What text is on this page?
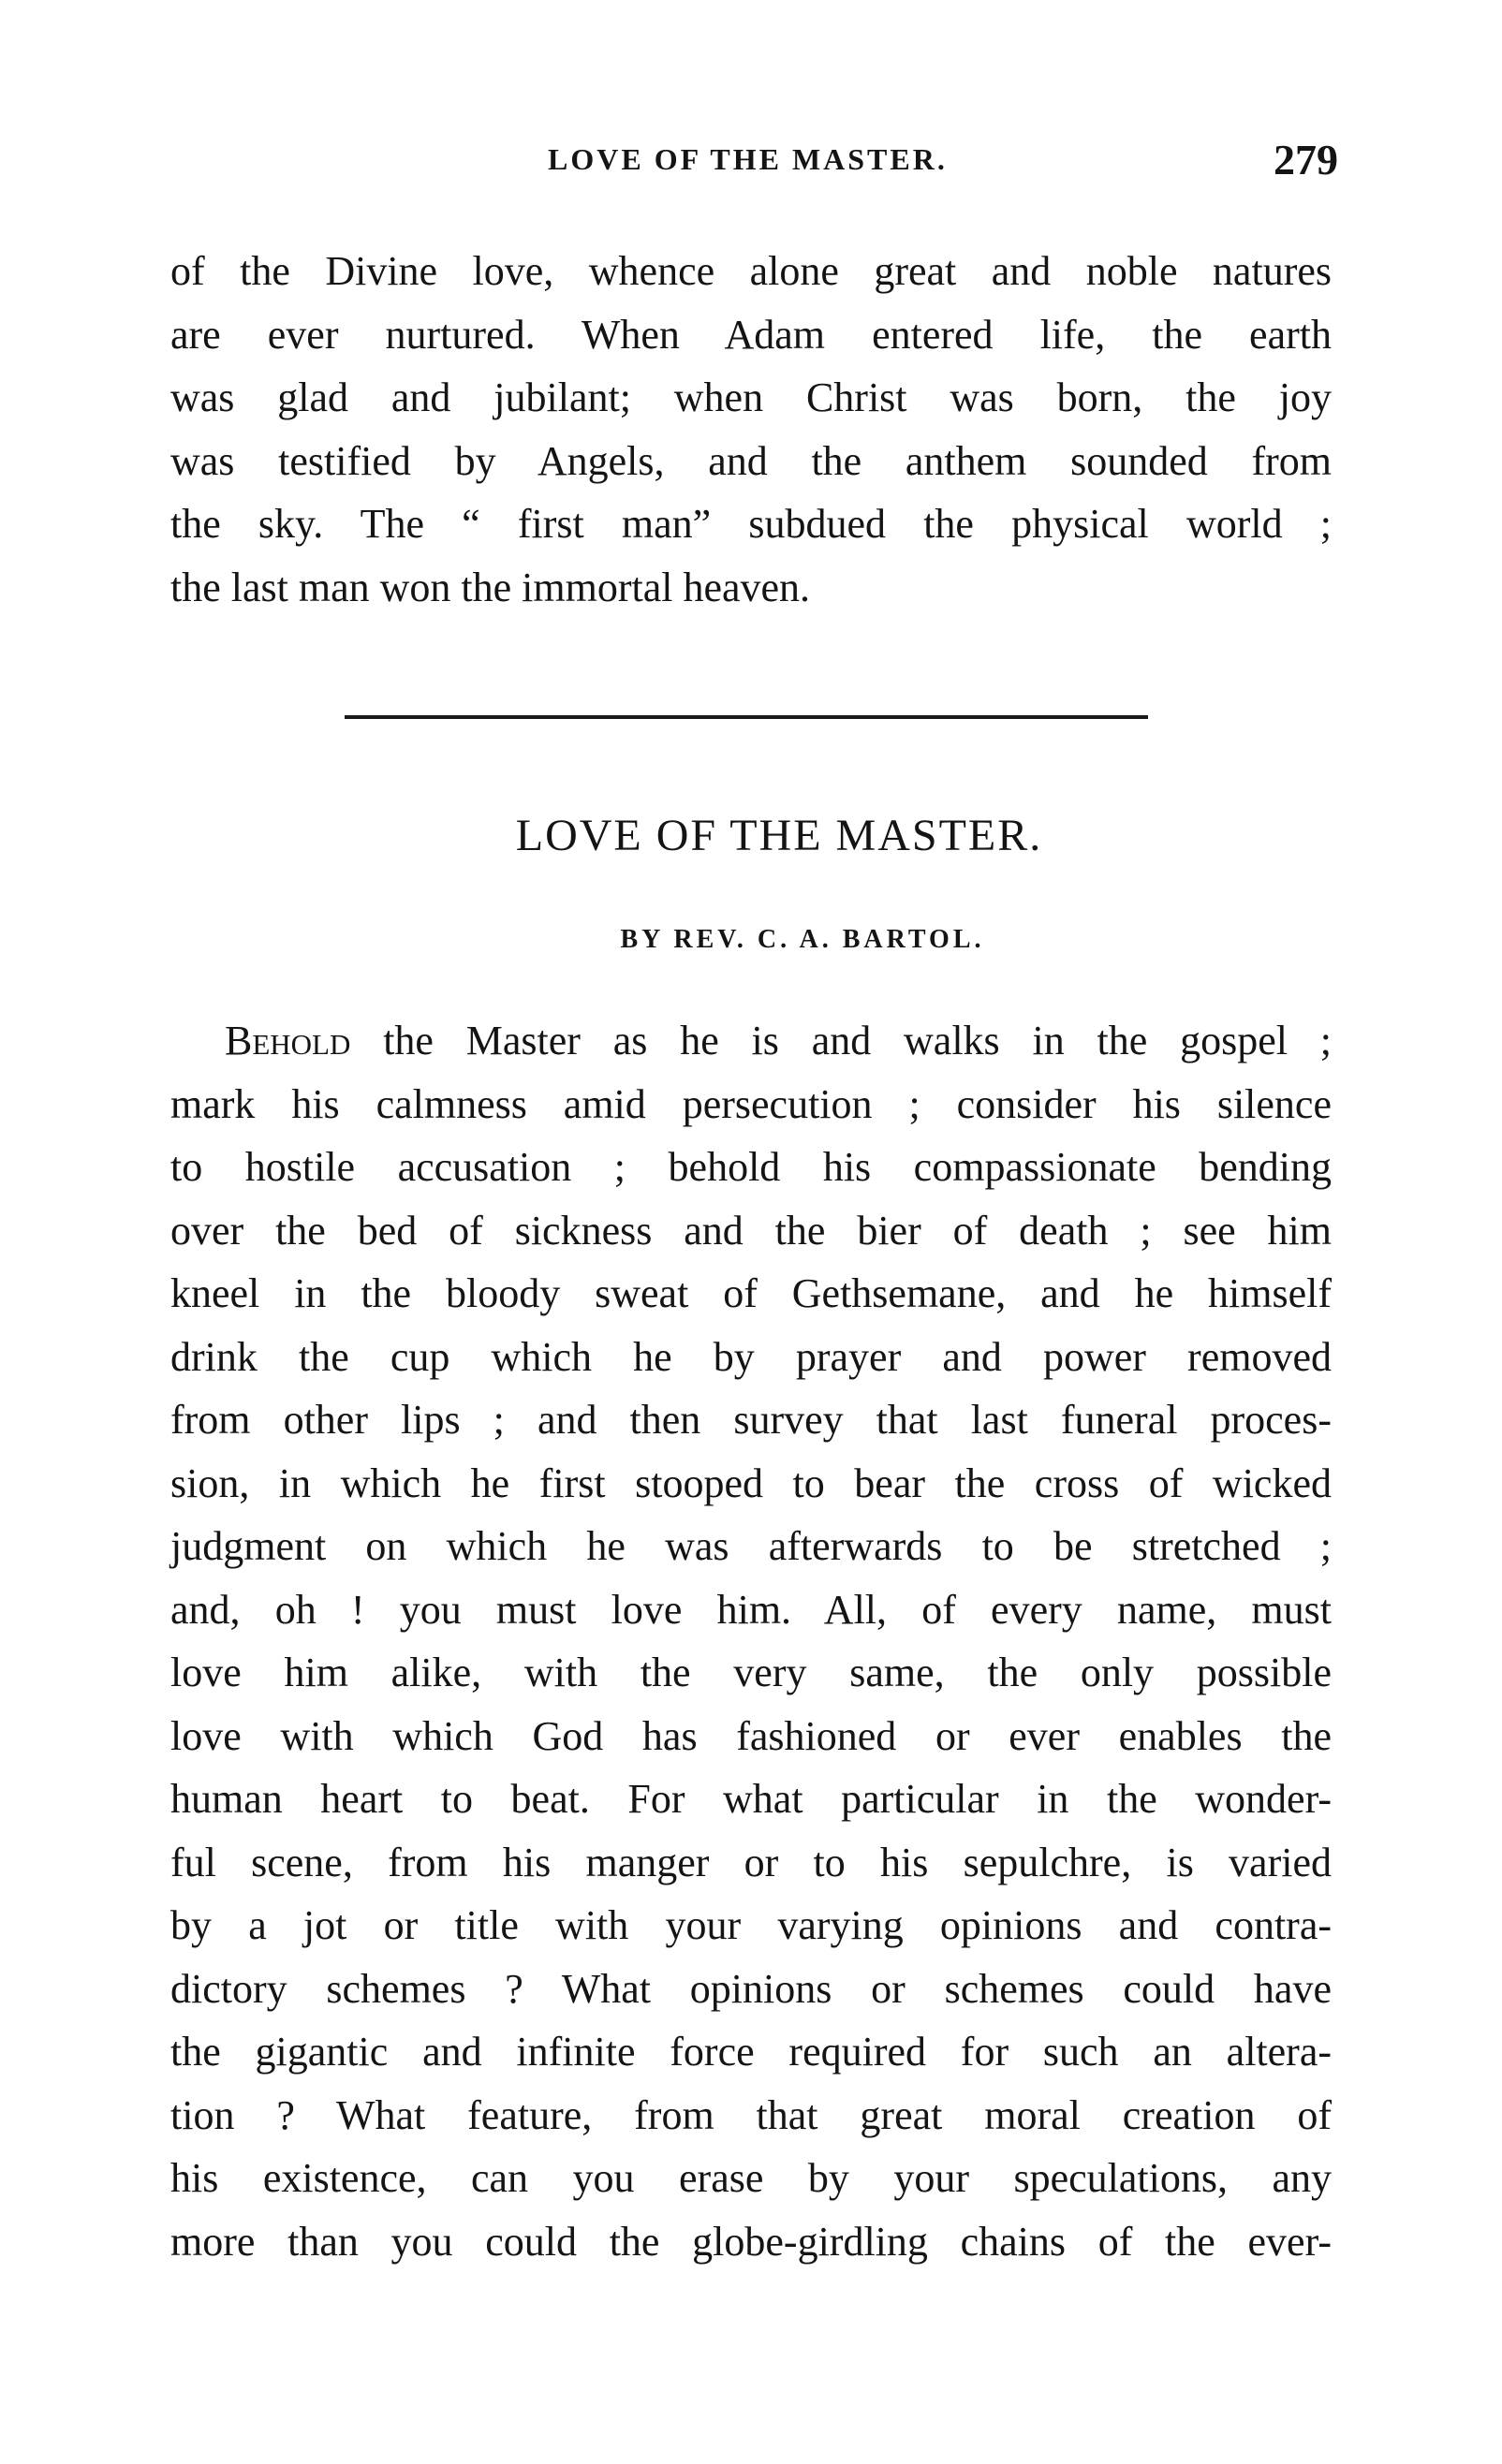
LOVE OF THE MASTER.	279
of the Divine love, whence alone great and noble natures
are ever nurtured. When Adam entered life, the earth
was glad and jubilant; when Christ was born, the joy
was testified by Angels, and the anthem sounded from
the sky. The “ first man” subdued the physical world ;
the last man won the immortal heaven.
LOVE OF THE MASTER.
BY REV. C. A. BARTOL.
Behold the Master as he is and walks in the gospel ;
mark his calmness amid persecution ; consider his silence
to hostile accusation ; behold his compassionate bending
over the bed of sickness and the bier of death ; see him
kneel in the bloody sweat of Gethsemane, and he himself
drink the cup which he by prayer and power removed
from other lips ; and then survey that last funeral proces-
sion, in which he first stooped to bear the cross of wicked
judgment on which he was afterwards to be stretched ;
and, oh ! you must love him. All, of every name, must
love him alike, with the very same, the only possible
love with which God has fashioned or ever enables the
human heart to beat. For what particular in the wonder-
ful scene, from his manger or to his sepulchre, is varied
by a jot or title with your varying opinions and contra-
dictory schemes ? What opinions or schemes could have
the gigantic and infinite force required for such an altera-
tion ? What feature, from that great moral creation of
his existence, can you erase by your speculations, any
more than you could the globe-girdling chains of the ever-
